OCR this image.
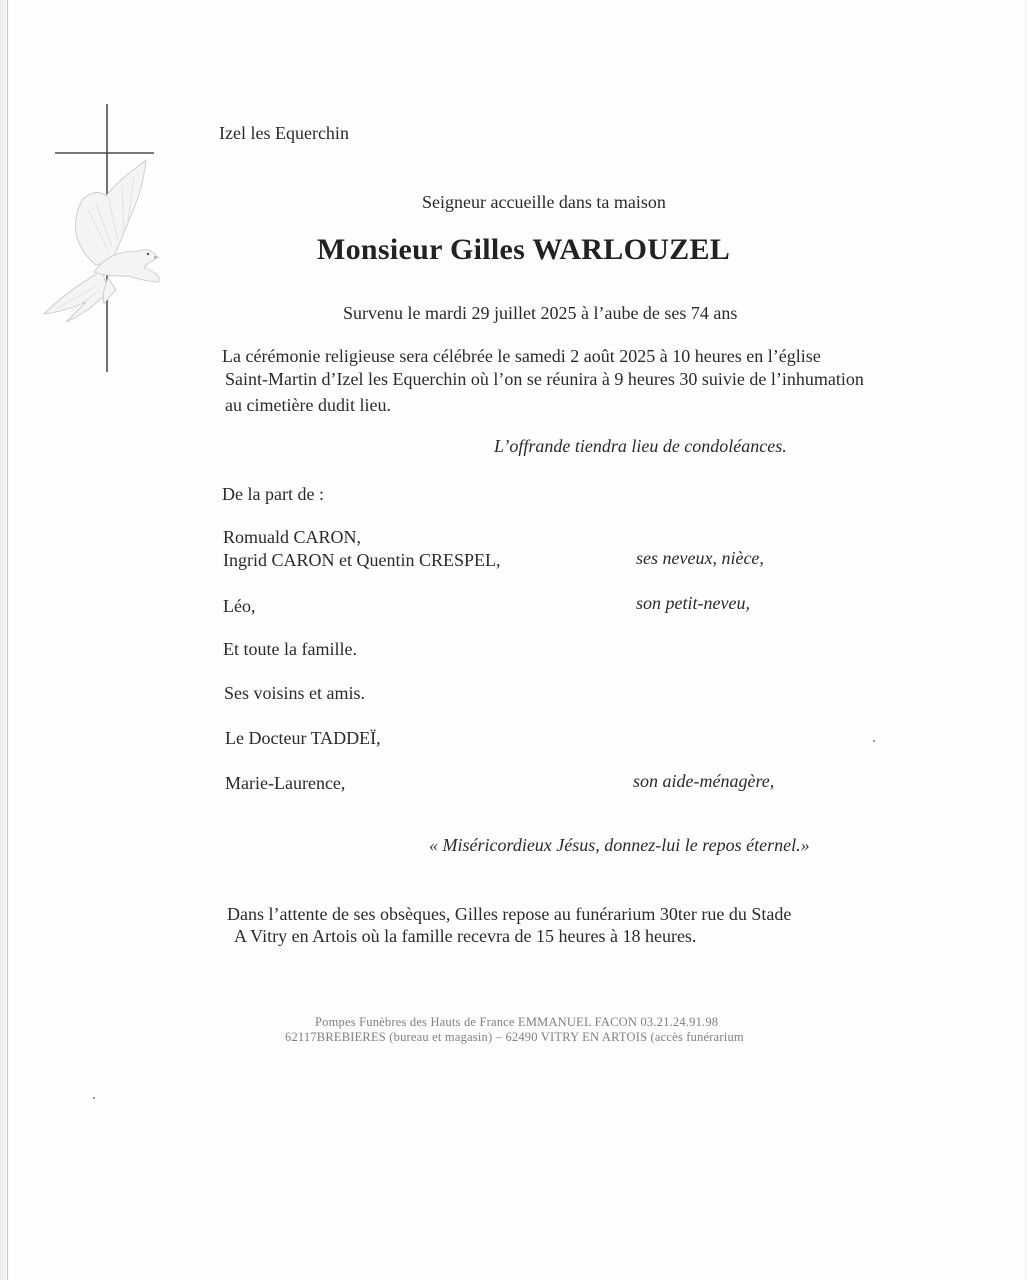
Izel les Equerchin
Seigneur accueille dans ta maison
Monsieur Gilles WARLOUZEL
Survenu le mardi 29 juillet 2025 à l’aube de ses 74 ans
La cérémonie religieuse sera célébrée le samedi 2 août 2025 à 10 heures en l’église
Saint-Martin d’Izel les Equerchin où l’on se réunira à 9 heures 30 suivie de l’inhumation
au cimetière dudit lieu.
L’offrande tiendra lieu de condoléances.
De la part de :
Romuald CARON,
Ingrid CARON et Quentin CRESPEL,	ses neveux, nièce,
Léo,	son petit-neveu,
Et toute la famille.
Ses voisins et amis.
Le Docteur TADDEÏ,
Marie-Laurence,	son aide-ménagère,
« Miséricordieux Jésus, donnez-lui le repos éternel.»
Dans l’attente de ses obsèques, Gilles repose au funérarium 30ter rue du Stade
A Vitry en Artois où la famille recevra de 15 heures à 18 heures.
Pompes Funèbres des Hauts de France EMMANUEL FACON 03.21.24.91.98
62117BREBIERES (bureau et magasin) – 62490 VITRY EN ARTOIS (accès funérarium
